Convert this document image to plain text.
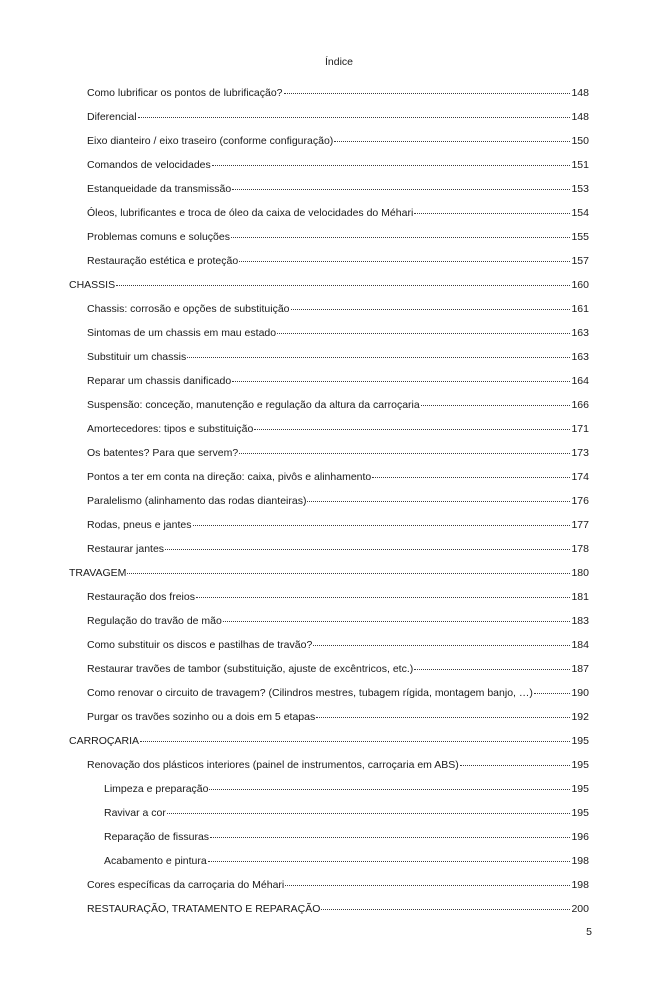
Índice
Como lubrificar os pontos de lubrificação?	148
Diferencial	148
Eixo dianteiro / eixo traseiro (conforme configuração)	150
Comandos de velocidades	151
Estanqueidade da transmissão	153
Óleos, lubrificantes e troca de óleo da caixa de velocidades do Méhari	154
Problemas comuns e soluções	155
Restauração estética e proteção	157
CHASSIS	160
Chassis: corrosão e opções de substituição	161
Sintomas de um chassis em mau estado	163
Substituir um chassis	163
Reparar um chassis danificado	164
Suspensão: conceção, manutenção e regulação da altura da carroçaria	166
Amortecedores: tipos e substituição	171
Os batentes? Para que servem?	173
Pontos a ter em conta na direção: caixa, pivôs e alinhamento	174
Paralelismo (alinhamento das rodas dianteiras)	176
Rodas, pneus e jantes	177
Restaurar jantes	178
TRAVAGEM	180
Restauração dos freios	181
Regulação do travão de mão	183
Como substituir os discos e pastilhas de travão?	184
Restaurar travões de tambor (substituição, ajuste de excêntricos, etc.)	187
Como renovar o circuito de travagem? (Cilindros mestres, tubagem rígida, montagem banjo, …)	190
Purgar os travões sozinho ou a dois em 5 etapas	192
CARROÇARIA	195
Renovação dos plásticos interiores (painel de instrumentos, carroçaria em ABS)	195
Limpeza e preparação	195
Ravivar a cor	195
Reparação de fissuras	196
Acabamento e pintura	198
Cores específicas da carroçaria do Méhari	198
RESTAURAÇÃO, TRATAMENTO E REPARAÇÃO	200
5
